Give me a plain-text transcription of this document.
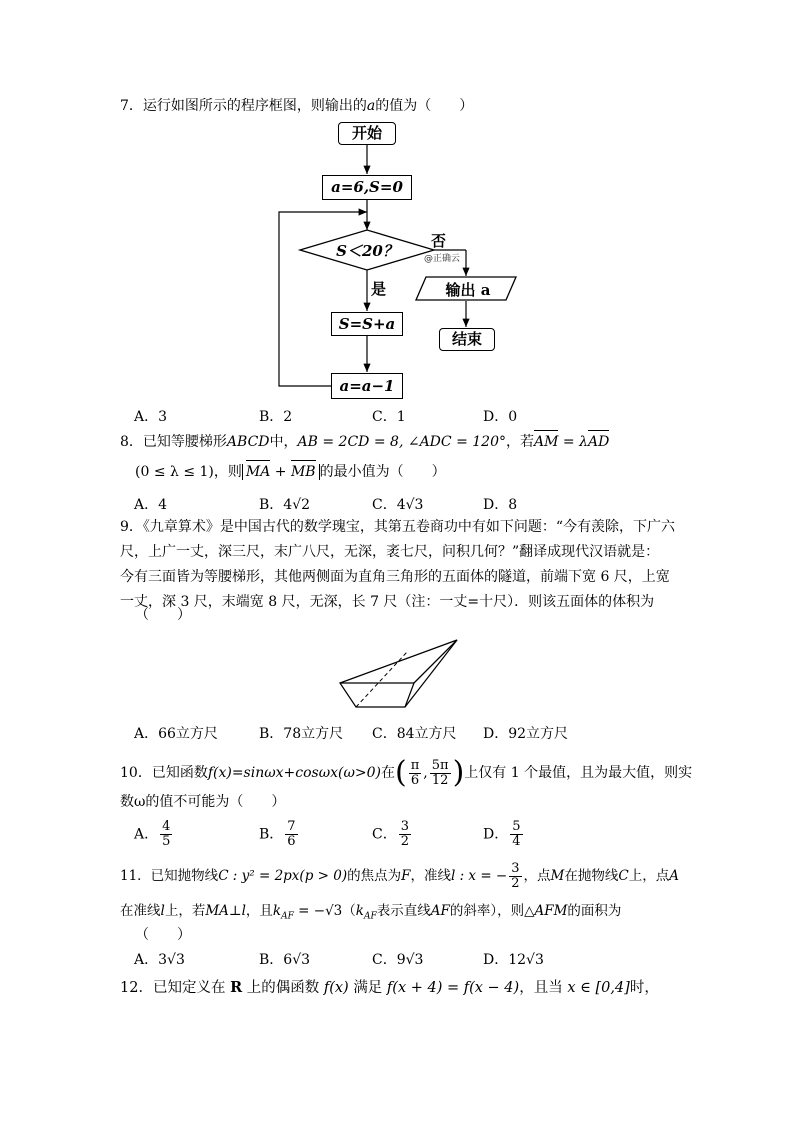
7．运行如图所示的程序框图，则输出的a的值为（　　）
开始
a=6,S=0
S＜20？
否
@正确云
是	输出 a
结束
S=S+a
a=a−1
A．3	B．2	C．1	D．0
8．已知等腰梯形ABCD中，AB = 2CD = 8, ∠ADC = 120°，若AM = λAD
(0 ≤ λ ≤ 1)，则 MA + MB 的最小值为（　　）
A．4	B．4√2	C．4√3	D．8
9．《九章算术》是中国古代的数学瑰宝，其第五卷商功中有如下问题：“今有羡除，下广六
尺，上广一丈，深三尺，末广八尺，无深，袤七尺，问积几何？”翻译成现代汉语就是：
今有三面皆为等腰梯形，其他两侧面为直角三角形的五面体的隧道，前端下宽 6 尺，上宽
一丈，深 3 尺，末端宽 8 尺，无深，长 7 尺（注：一丈=十尺）．则该五面体的体积为
（　　）
A．66立方尺	B．78立方尺 C．84立方尺 D．92立方尺
10．已知函数f(x)=sinωx+cosωx(ω>0)在( $\frac{\pi}{6}$ , $\frac{5\pi}{12}$ )上仅有 1 个最值，且为最大值，则实
数ω的值不可能为（　　）
A． $\frac{4}{5}$	B． $\frac{7}{6}$	C． $\frac{3}{2}$	D． $\frac{5}{4}$
11．已知抛物线C : y² = 2px(p > 0)的焦点为F，准线l : x = − $\frac{3}{2}$ ，点M在抛物线C上，点A
在准线l上，若MA⊥l，且$k_{AF} = -√3(k_{AF}$表示直线AF的斜率），则△AFM的面积为
（　　）
A．3√3	B．6√3	C．9√3	D．12√3
12．已知定义在 R 上的偶函数 f(x) 满足 f(x + 4) = f(x − 4)，且当 x ∈ [0,4]时，
